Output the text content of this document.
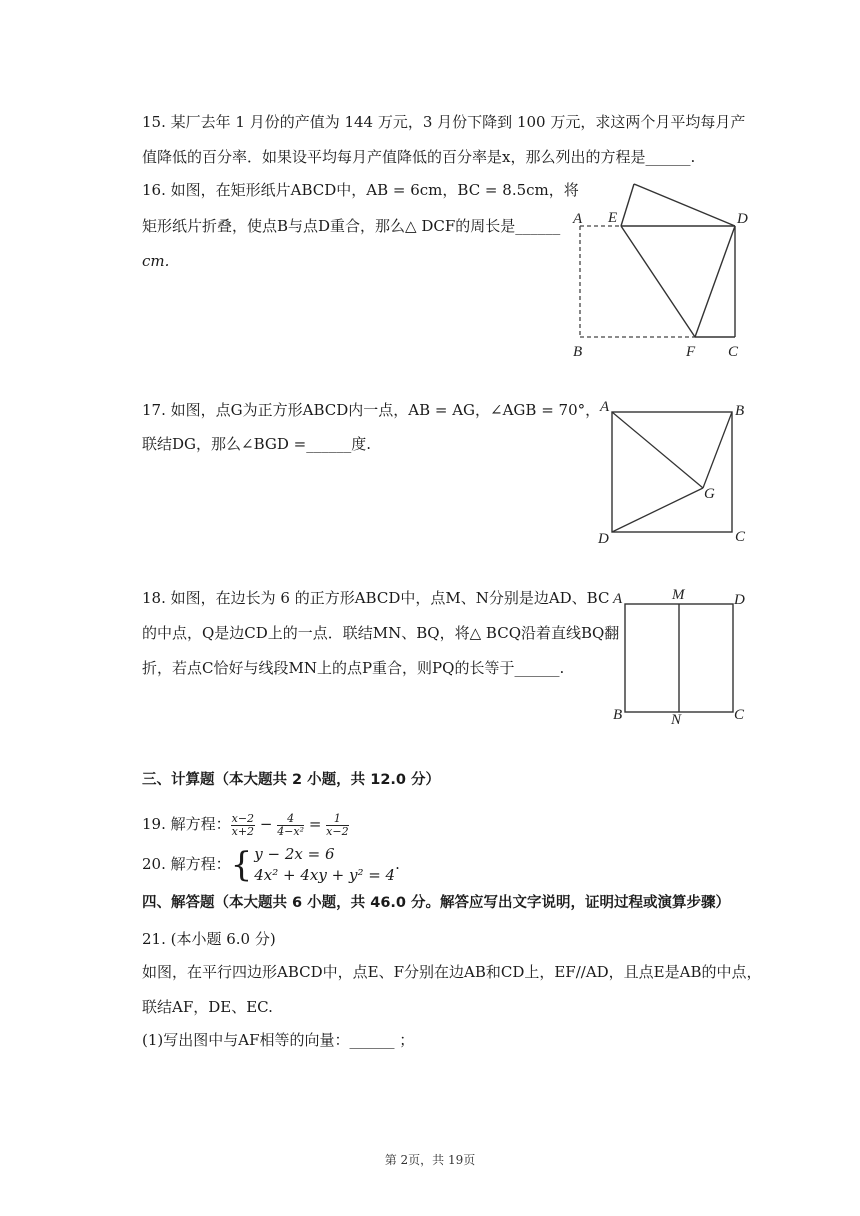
15. 某厂去年 1 月份的产值为 144 万元，3 月份下降到 100 万元，求这两个月平均每月产
值降低的百分率．如果设平均每月产值降低的百分率是x，那么列出的方程是______.
16. 如图，在矩形纸片ABCD中，AB = 6cm，BC = 8.5cm，将
矩形纸片折叠，使点B与点D重合，那么△ DCF的周长是______
cm.
A E	D
B	F C
17. 如图，点G为正方形ABCD内一点，AB = AG，∠AGB = 70°，
联结DG，那么∠BGD =______度.
A	B
G
D	C
18. 如图，在边长为 6 的正方形ABCD中，点M、N分别是边AD、BC
的中点，Q是边CD上的一点．联结MN、BQ，将△ BCQ沿着直线BQ翻
折，若点C恰好与线段MN上的点P重合，则PQ的长等于______.
A	M	D
B	N	C
三、计算题（本大题共 2 小题，共 12.0 分）
19. 解方程： $\frac{x-2}{x+2} - \frac{4}{\text{4−x²}} = \frac{1}{x-2}$
20. 解方程：{ y − 2x = 6
4x² + 4xy + y² = 4
.
四、解答题（本大题共 6 小题，共 46.0 分。解答应写出文字说明，证明过程或演算步骤）
21. (本小题 6.0 分)
如图，在平行四边形ABCD中，点E、F分别在边AB和CD上，EF//AD，且点E是AB的中点，
联结AF，DE、EC.
(1)写出图中与AF相等的向量：______ ；
第 2页，共 19页
